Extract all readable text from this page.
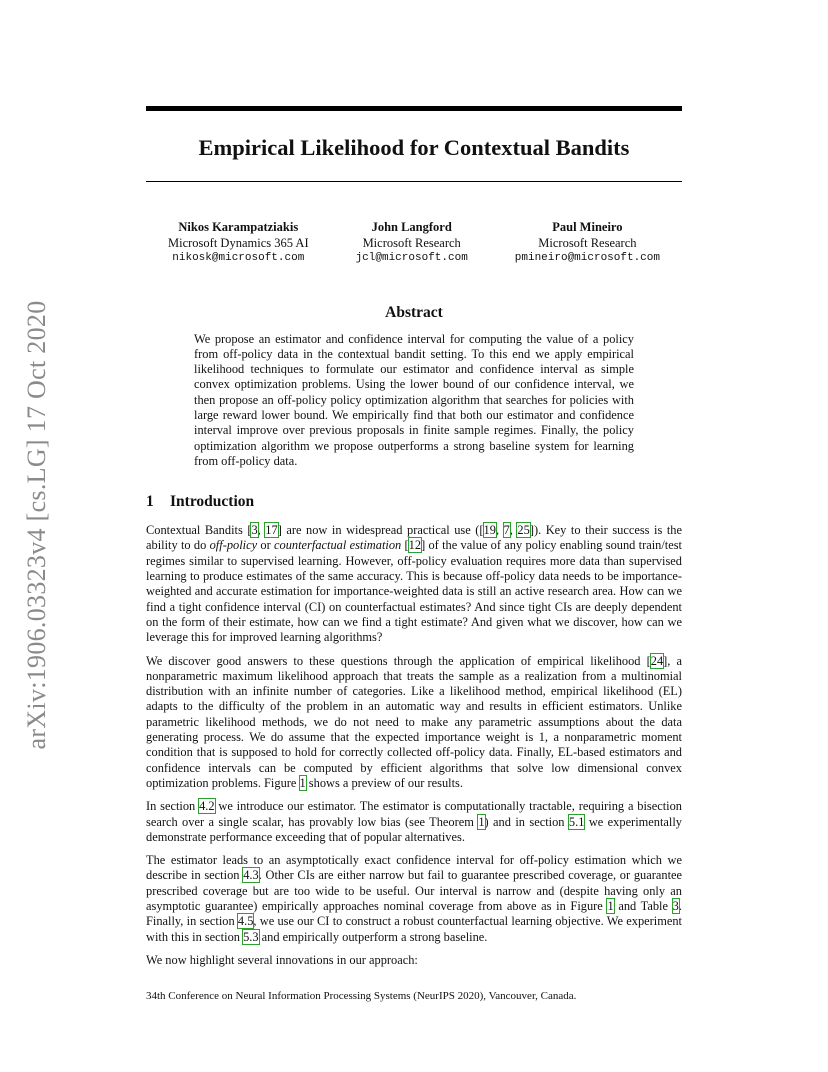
arXiv:1906.03323v4 [cs.LG] 17 Oct 2020
Empirical Likelihood for Contextual Bandits
Nikos Karampatziakis
Microsoft Dynamics 365 AI
nikosk@microsoft.com
John Langford
Microsoft Research
jcl@microsoft.com
Paul Mineiro
Microsoft Research
pmineiro@microsoft.com
Abstract
We propose an estimator and confidence interval for computing the value of a policy from off-policy data in the contextual bandit setting. To this end we apply empirical likelihood techniques to formulate our estimator and confidence interval as simple convex optimization problems. Using the lower bound of our confidence interval, we then propose an off-policy policy optimization algorithm that searches for policies with large reward lower bound. We empirically find that both our estimator and confidence interval improve over previous proposals in finite sample regimes. Finally, the policy optimization algorithm we propose outperforms a strong baseline system for learning from off-policy data.
1 Introduction

Contextual Bandits [3, 17] are now in widespread practical use ([19, 7, 25]). Key to their success is the ability to do off-policy or counterfactual estimation [12] of the value of any policy enabling sound train/test regimes similar to supervised learning. However, off-policy evaluation requires more data than supervised learning to produce estimates of the same accuracy. This is because off-policy data needs to be importance-weighted and accurate estimation for importance-weighted data is still an active research area. How can we find a tight confidence interval (CI) on counterfactual estimates? And since tight CIs are deeply dependent on the form of their estimate, how can we find a tight estimate? And given what we discover, how can we leverage this for improved learning algorithms?

We discover good answers to these questions through the application of empirical likelihood [24], a nonparametric maximum likelihood approach that treats the sample as a realization from a multinomial distribution with an infinite number of categories. Like a likelihood method, empirical likelihood (EL) adapts to the difficulty of the problem in an automatic way and results in efficient estimators. Unlike parametric likelihood methods, we do not need to make any parametric assumptions about the data generating process. We do assume that the expected importance weight is 1, a nonparametric moment condition that is supposed to hold for correctly collected off-policy data. Finally, EL-based estimators and confidence intervals can be computed by efficient algorithms that solve low dimensional convex optimization problems. Figure 1 shows a preview of our results.

In section 4.2 we introduce our estimator. The estimator is computationally tractable, requiring a bisection search over a single scalar, has provably low bias (see Theorem 1) and in section 5.1 we experimentally demonstrate performance exceeding that of popular alternatives.

The estimator leads to an asymptotically exact confidence interval for off-policy estimation which we describe in section 4.3. Other CIs are either narrow but fail to guarantee prescribed coverage, or guarantee prescribed coverage but are too wide to be useful. Our interval is narrow and (despite having only an asymptotic guarantee) empirically approaches nominal coverage from above as in Figure 1 and Table 3. Finally, in section 4.5, we use our CI to construct a robust counterfactual learning objective. We experiment with this in section 5.3 and empirically outperform a strong baseline.

We now highlight several innovations in our approach:

34th Conference on Neural Information Processing Systems (NeurIPS 2020), Vancouver, Canada.
